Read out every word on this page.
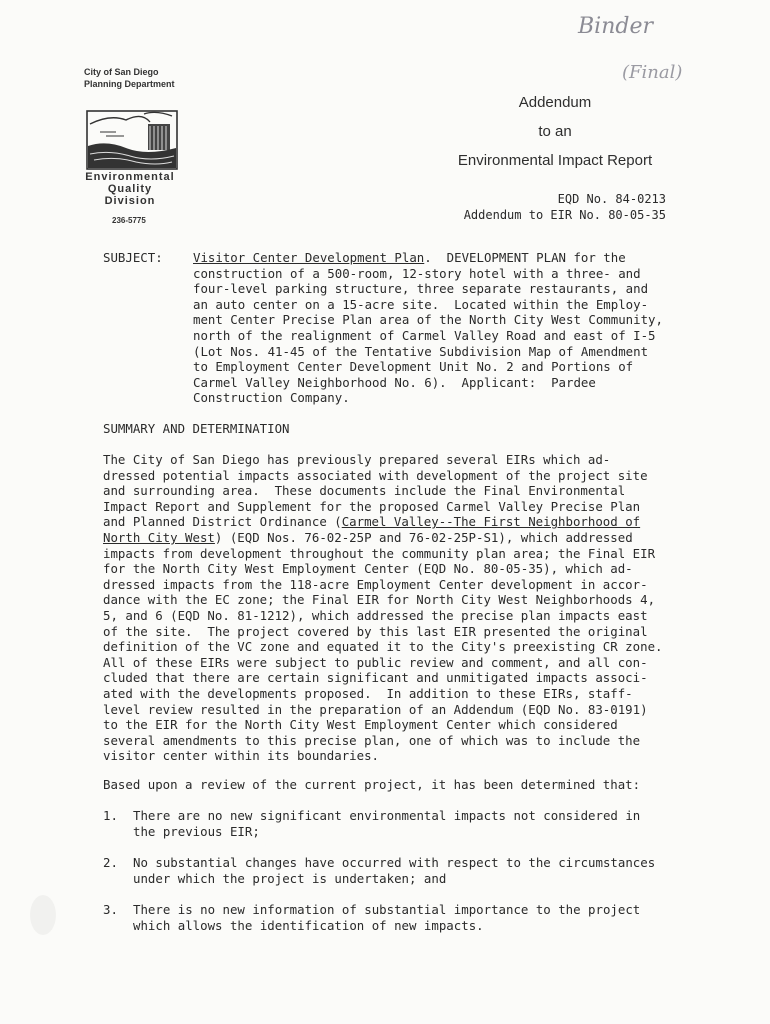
Binder
(Final)
City of San Diego
Planning Department
Environmental
Quality
Division
236-5775
Addendum
to an
Environmental Impact Report
EQD No. 84-0213
Addendum to EIR No. 80-05-35
SUBJECT: Visitor Center Development Plan.  DEVELOPMENT PLAN for the
construction of a 500-room, 12-story hotel with a three- and
four-level parking structure, three separate restaurants, and
an auto center on a 15-acre site.  Located within the Employ-
ment Center Precise Plan area of the North City West Community,
north of the realignment of Carmel Valley Road and east of I-5
(Lot Nos. 41-45 of the Tentative Subdivision Map of Amendment
to Employment Center Development Unit No. 2 and Portions of
Carmel Valley Neighborhood No. 6).  Applicant:  Pardee
Construction Company.
SUMMARY AND DETERMINATION
The City of San Diego has previously prepared several EIRs which ad-
dressed potential impacts associated with development of the project site
and surrounding area.  These documents include the Final Environmental
Impact Report and Supplement for the proposed Carmel Valley Precise Plan
and Planned District Ordinance (Carmel Valley--The First Neighborhood of
North City West) (EQD Nos. 76-02-25P and 76-02-25P-S1), which addressed
impacts from development throughout the community plan area; the Final EIR
for the North City West Employment Center (EQD No. 80-05-35), which ad-
dressed impacts from the 118-acre Employment Center development in accor-
dance with the EC zone; the Final EIR for North City West Neighborhoods 4,
5, and 6 (EQD No. 81-1212), which addressed the precise plan impacts east
of the site.  The project covered by this last EIR presented the original
definition of the VC zone and equated it to the City's preexisting CR zone.
All of these EIRs were subject to public review and comment, and all con-
cluded that there are certain significant and unmitigated impacts associ-
ated with the developments proposed.  In addition to these EIRs, staff-
level review resulted in the preparation of an Addendum (EQD No. 83-0191)
to the EIR for the North City West Employment Center which considered
several amendments to this precise plan, one of which was to include the
visitor center within its boundaries.
Based upon a review of the current project, it has been determined that:

1.

There are no new significant environmental impacts not considered in
the previous EIR;

2.

No substantial changes have occurred with respect to the circumstances
under which the project is undertaken; and

3.

There is no new information of substantial importance to the project
which allows the identification of new impacts.
